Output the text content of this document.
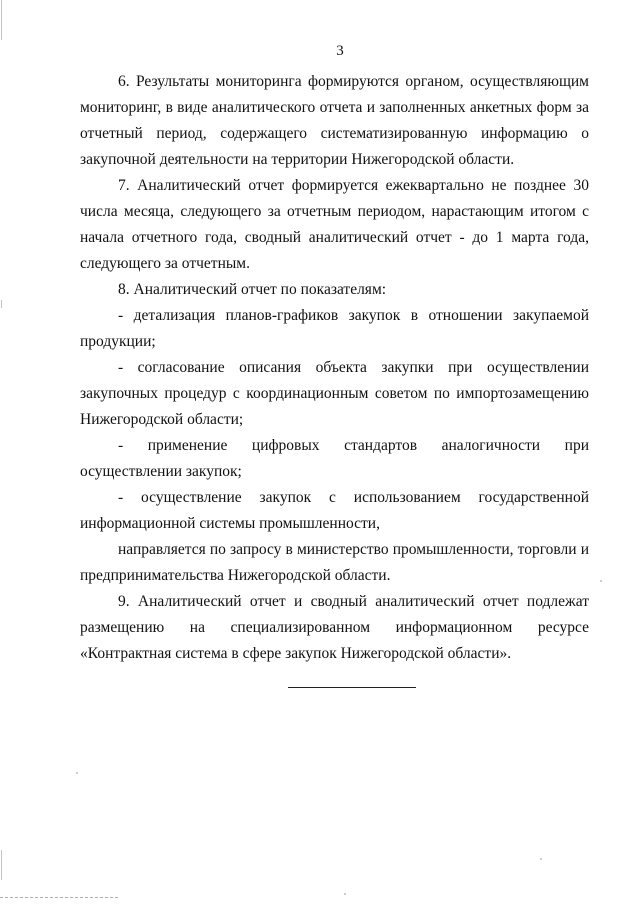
3

6. Результаты мониторинга формируются органом, осуществляющим мониторинг, в виде аналитического отчета и заполненных анкетных форм за отчетный период, содержащего систематизированную информацию о закупочной деятельности на территории Нижегородской области.

7. Аналитический отчет формируется ежеквартально не позднее 30 числа месяца, следующего за отчетным периодом, нарастающим итогом с начала отчетного года, сводный аналитический отчет - до 1 марта года, следующего за отчетным.

8. Аналитический отчет по показателям:

- детализация планов-графиков закупок в отношении закупаемой продукции;

- согласование описания объекта закупки при осуществлении закупочных процедур с координационным советом по импортозамещению Нижегородской области;

- применение цифровых стандартов аналогичности при осуществлении закупок;

- осуществление закупок с использованием государственной информационной системы промышленности,

направляется по запросу в министерство промышленности, торговли и предпринимательства Нижегородской области.

9. Аналитический отчет и сводный аналитический отчет подлежат размещению на специализированном информационном ресурсе «Контрактная система в сфере закупок Нижегородской области».
